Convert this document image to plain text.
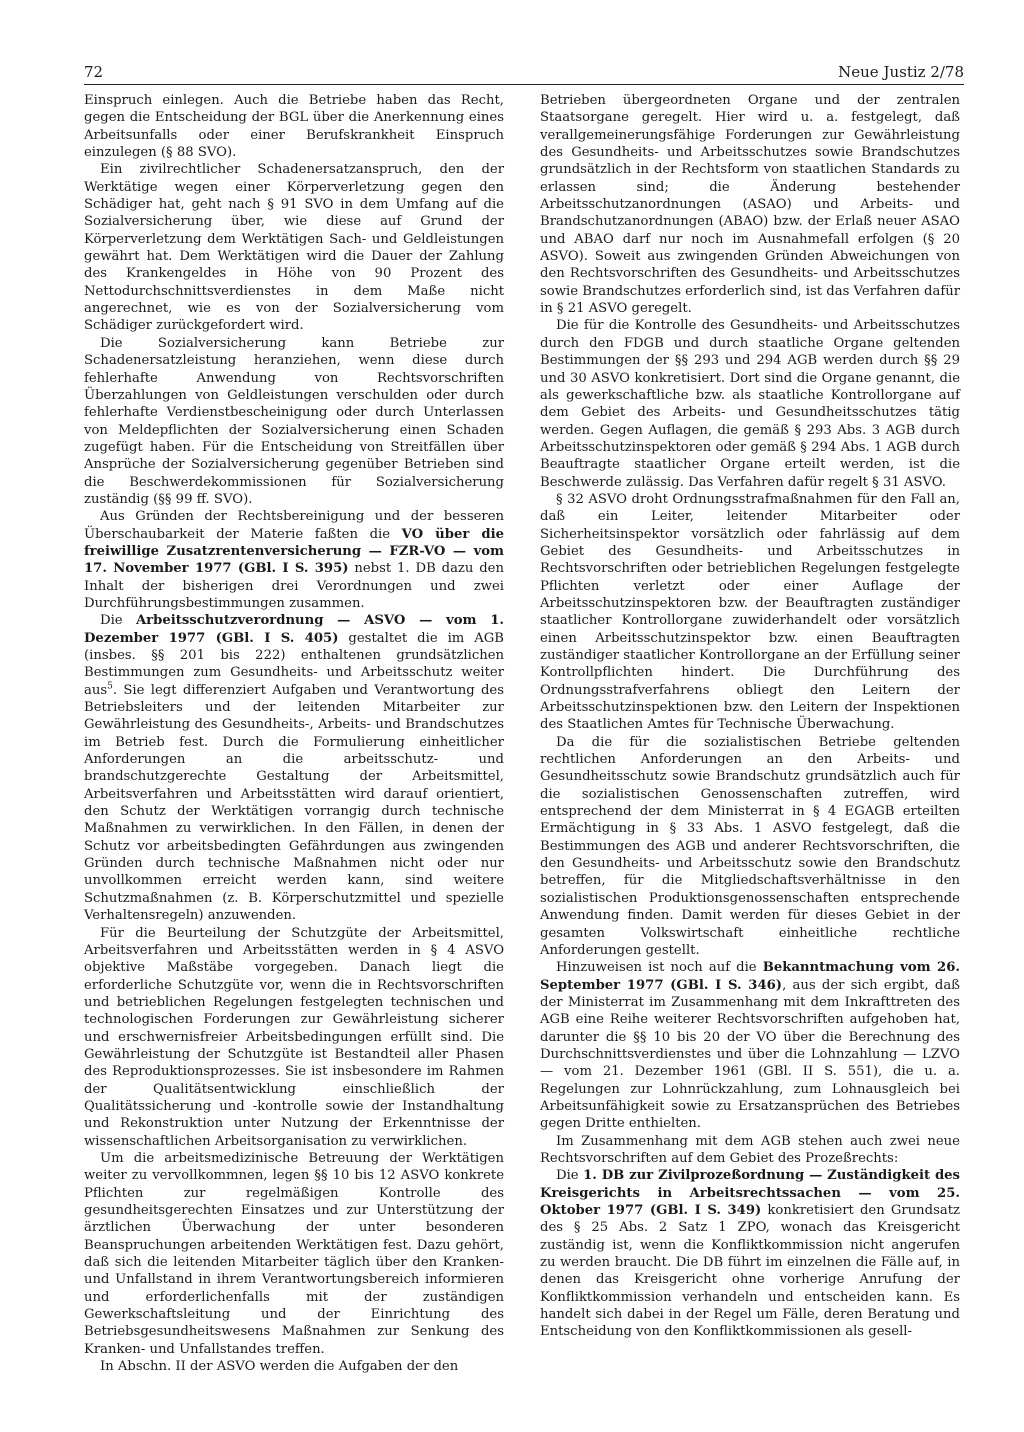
72	Neue Justiz 2/78

Einspruch einlegen. Auch die Betriebe haben das Recht, gegen die Entscheidung der BGL über die Anerkennung eines Arbeitsunfalls oder einer Berufskrankheit Einspruch einzulegen (§ 88 SVO).

Ein zivilrechtlicher Schadenersatzanspruch, den der Werktätige wegen einer Körperverletzung gegen den Schädiger hat, geht nach § 91 SVO in dem Umfang auf die Sozialversicherung über, wie diese auf Grund der Körperverletzung dem Werktätigen Sach- und Geldleistungen gewährt hat. Dem Werktätigen wird die Dauer der Zahlung des Krankengeldes in Höhe von 90 Prozent des Nettodurchschnittsverdienstes in dem Maße nicht angerechnet, wie es von der Sozialversicherung vom Schädiger zurückgefordert wird.

Die Sozialversicherung kann Betriebe zur Schadenersatzleistung heranziehen, wenn diese durch fehlerhafte Anwendung von Rechtsvorschriften Überzahlungen von Geldleistungen verschulden oder durch fehlerhafte Verdienstbescheinigung oder durch Unterlassen von Meldepflichten der Sozialversicherung einen Schaden zugefügt haben. Für die Entscheidung von Streitfällen über Ansprüche der Sozialversicherung gegenüber Betrieben sind die Beschwerdekommissionen für Sozialversicherung zuständig (§§ 99 ff. SVO).

Aus Gründen der Rechtsbereinigung und der besseren Überschaubarkeit der Materie faßten die VO über die freiwillige Zusatzrentenversicherung — FZR-VO — vom 17. November 1977 (GBl. I S. 395) nebst 1. DB dazu den Inhalt der bisherigen drei Verordnungen und zwei Durchführungsbestimmungen zusammen.

Die Arbeitsschutzverordnung — ASVO — vom 1. Dezember 1977 (GBl. I S. 405) gestaltet die im AGB (insbes. §§ 201 bis 222) enthaltenen grundsätzlichen Bestimmungen zum Gesundheits- und Arbeitsschutz weiter aus$^5$. Sie legt differenziert Aufgaben und Verantwortung des Betriebsleiters und der leitenden Mitarbeiter zur Gewährleistung des Gesundheits-, Arbeits- und Brandschutzes im Betrieb fest. Durch die Formulierung einheitlicher Anforderungen an die arbeitsschutz- und brandschutzgerechte Gestaltung der Arbeitsmittel, Arbeitsverfahren und Arbeitsstätten wird darauf orientiert, den Schutz der Werktätigen vorrangig durch technische Maßnahmen zu verwirklichen. In den Fällen, in denen der Schutz vor arbeitsbedingten Gefährdungen aus zwingenden Gründen durch technische Maßnahmen nicht oder nur unvollkommen erreicht werden kann, sind weitere Schutzmaßnahmen (z. B. Körperschutzmittel und spezielle Verhaltensregeln) anzuwenden.

Für die Beurteilung der Schutzgüte der Arbeitsmittel, Arbeitsverfahren und Arbeitsstätten werden in § 4 ASVO objektive Maßstäbe vorgegeben. Danach liegt die erforderliche Schutzgüte vor, wenn die in Rechtsvorschriften und betrieblichen Regelungen festgelegten technischen und technologischen Forderungen zur Gewährleistung sicherer und erschwernisfreier Arbeitsbedingungen erfüllt sind. Die Gewährleistung der Schutzgüte ist Bestandteil aller Phasen des Reproduktionsprozesses. Sie ist insbesondere im Rahmen der Qualitätsentwicklung einschließlich der Qualitätssicherung und -kontrolle sowie der Instandhaltung und Rekonstruktion unter Nutzung der Erkenntnisse der wissenschaftlichen Arbeitsorganisation zu verwirklichen.

Um die arbeitsmedizinische Betreuung der Werktätigen weiter zu vervollkommnen, legen §§ 10 bis 12 ASVO konkrete Pflichten zur regelmäßigen Kontrolle des gesundheitsgerechten Einsatzes und zur Unterstützung der ärztlichen Überwachung der unter besonderen Beanspruchungen arbeitenden Werktätigen fest. Dazu gehört, daß sich die leitenden Mitarbeiter täglich über den Kranken- und Unfallstand in ihrem Verantwortungsbereich informieren und erforderlichenfalls mit der zuständigen Gewerkschaftsleitung und der Einrichtung des Betriebsgesundheitswesens Maßnahmen zur Senkung des Kranken- und Unfallstandes treffen.

In Abschn. II der ASVO werden die Aufgaben der den

Betrieben übergeordneten Organe und der zentralen Staatsorgane geregelt. Hier wird u. a. festgelegt, daß verallgemeinerungsfähige Forderungen zur Gewährleistung des Gesundheits- und Arbeitsschutzes sowie Brandschutzes grundsätzlich in der Rechtsform von staatlichen Standards zu erlassen sind; die Änderung bestehender Arbeitsschutzanordnungen (ASAO) und Arbeits- und Brandschutzanordnungen (ABAO) bzw. der Erlaß neuer ASAO und ABAO darf nur noch im Ausnahmefall erfolgen (§ 20 ASVO). Soweit aus zwingenden Gründen Abweichungen von den Rechtsvorschriften des Gesundheits- und Arbeitsschutzes sowie Brandschutzes erforderlich sind, ist das Verfahren dafür in § 21 ASVO geregelt.

Die für die Kontrolle des Gesundheits- und Arbeitsschutzes durch den FDGB und durch staatliche Organe geltenden Bestimmungen der §§ 293 und 294 AGB werden durch §§ 29 und 30 ASVO konkretisiert. Dort sind die Organe genannt, die als gewerkschaftliche bzw. als staatliche Kontrollorgane auf dem Gebiet des Arbeits- und Gesundheitsschutzes tätig werden. Gegen Auflagen, die gemäß § 293 Abs. 3 AGB durch Arbeitsschutzinspektoren oder gemäß § 294 Abs. 1 AGB durch Beauftragte staatlicher Organe erteilt werden, ist die Beschwerde zulässig. Das Verfahren dafür regelt § 31 ASVO.

§ 32 ASVO droht Ordnungsstrafmaßnahmen für den Fall an, daß ein Leiter, leitender Mitarbeiter oder Sicherheitsinspektor vorsätzlich oder fahrlässig auf dem Gebiet des Gesundheits- und Arbeitsschutzes in Rechtsvorschriften oder betrieblichen Regelungen festgelegte Pflichten verletzt oder einer Auflage der Arbeitsschutzinspektoren bzw. der Beauftragten zuständiger staatlicher Kontrollorgane zuwiderhandelt oder vorsätzlich einen Arbeitsschutzinspektor bzw. einen Beauftragten zuständiger staatlicher Kontrollorgane an der Erfüllung seiner Kontrollpflichten hindert. Die Durchführung des Ordnungsstrafverfahrens obliegt den Leitern der Arbeitsschutzinspektionen bzw. den Leitern der Inspektionen des Staatlichen Amtes für Technische Überwachung.

Da die für die sozialistischen Betriebe geltenden rechtlichen Anforderungen an den Arbeits- und Gesundheitsschutz sowie Brandschutz grundsätzlich auch für die sozialistischen Genossenschaften zutreffen, wird entsprechend der dem Ministerrat in § 4 EGAGB erteilten Ermächtigung in § 33 Abs. 1 ASVO festgelegt, daß die Bestimmungen des AGB und anderer Rechtsvorschriften, die den Gesundheits- und Arbeitsschutz sowie den Brandschutz betreffen, für die Mitgliedschaftsverhältnisse in den sozialistischen Produktionsgenossenschaften entsprechende Anwendung finden. Damit werden für dieses Gebiet in der gesamten Volkswirtschaft einheitliche rechtliche Anforderungen gestellt.

Hinzuweisen ist noch auf die Bekanntmachung vom 26. September 1977 (GBl. I S. 346), aus der sich ergibt, daß der Ministerrat im Zusammenhang mit dem Inkrafttreten des AGB eine Reihe weiterer Rechtsvorschriften aufgehoben hat, darunter die §§ 10 bis 20 der VO über die Berechnung des Durchschnittsverdienstes und über die Lohnzahlung — LZVO — vom 21. Dezember 1961 (GBl. II S. 551), die u. a. Regelungen zur Lohnrückzahlung, zum Lohnausgleich bei Arbeitsunfähigkeit sowie zu Ersatzansprüchen des Betriebes gegen Dritte enthielten.

Im Zusammenhang mit dem AGB stehen auch zwei neue Rechtsvorschriften auf dem Gebiet des Prozeßrechts:

Die 1. DB zur Zivilprozeßordnung — Zuständigkeit des Kreisgerichts in Arbeitsrechtssachen — vom 25. Oktober 1977 (GBl. I S. 349) konkretisiert den Grundsatz des § 25 Abs. 2 Satz 1 ZPO, wonach das Kreisgericht zuständig ist, wenn die Konfliktkommission nicht angerufen zu werden braucht. Die DB führt im einzelnen die Fälle auf, in denen das Kreisgericht ohne vorherige Anrufung der Konfliktkommission verhandeln und entscheiden kann. Es handelt sich dabei in der Regel um Fälle, deren Beratung und Entscheidung von den Konfliktkommissionen als gesell-
